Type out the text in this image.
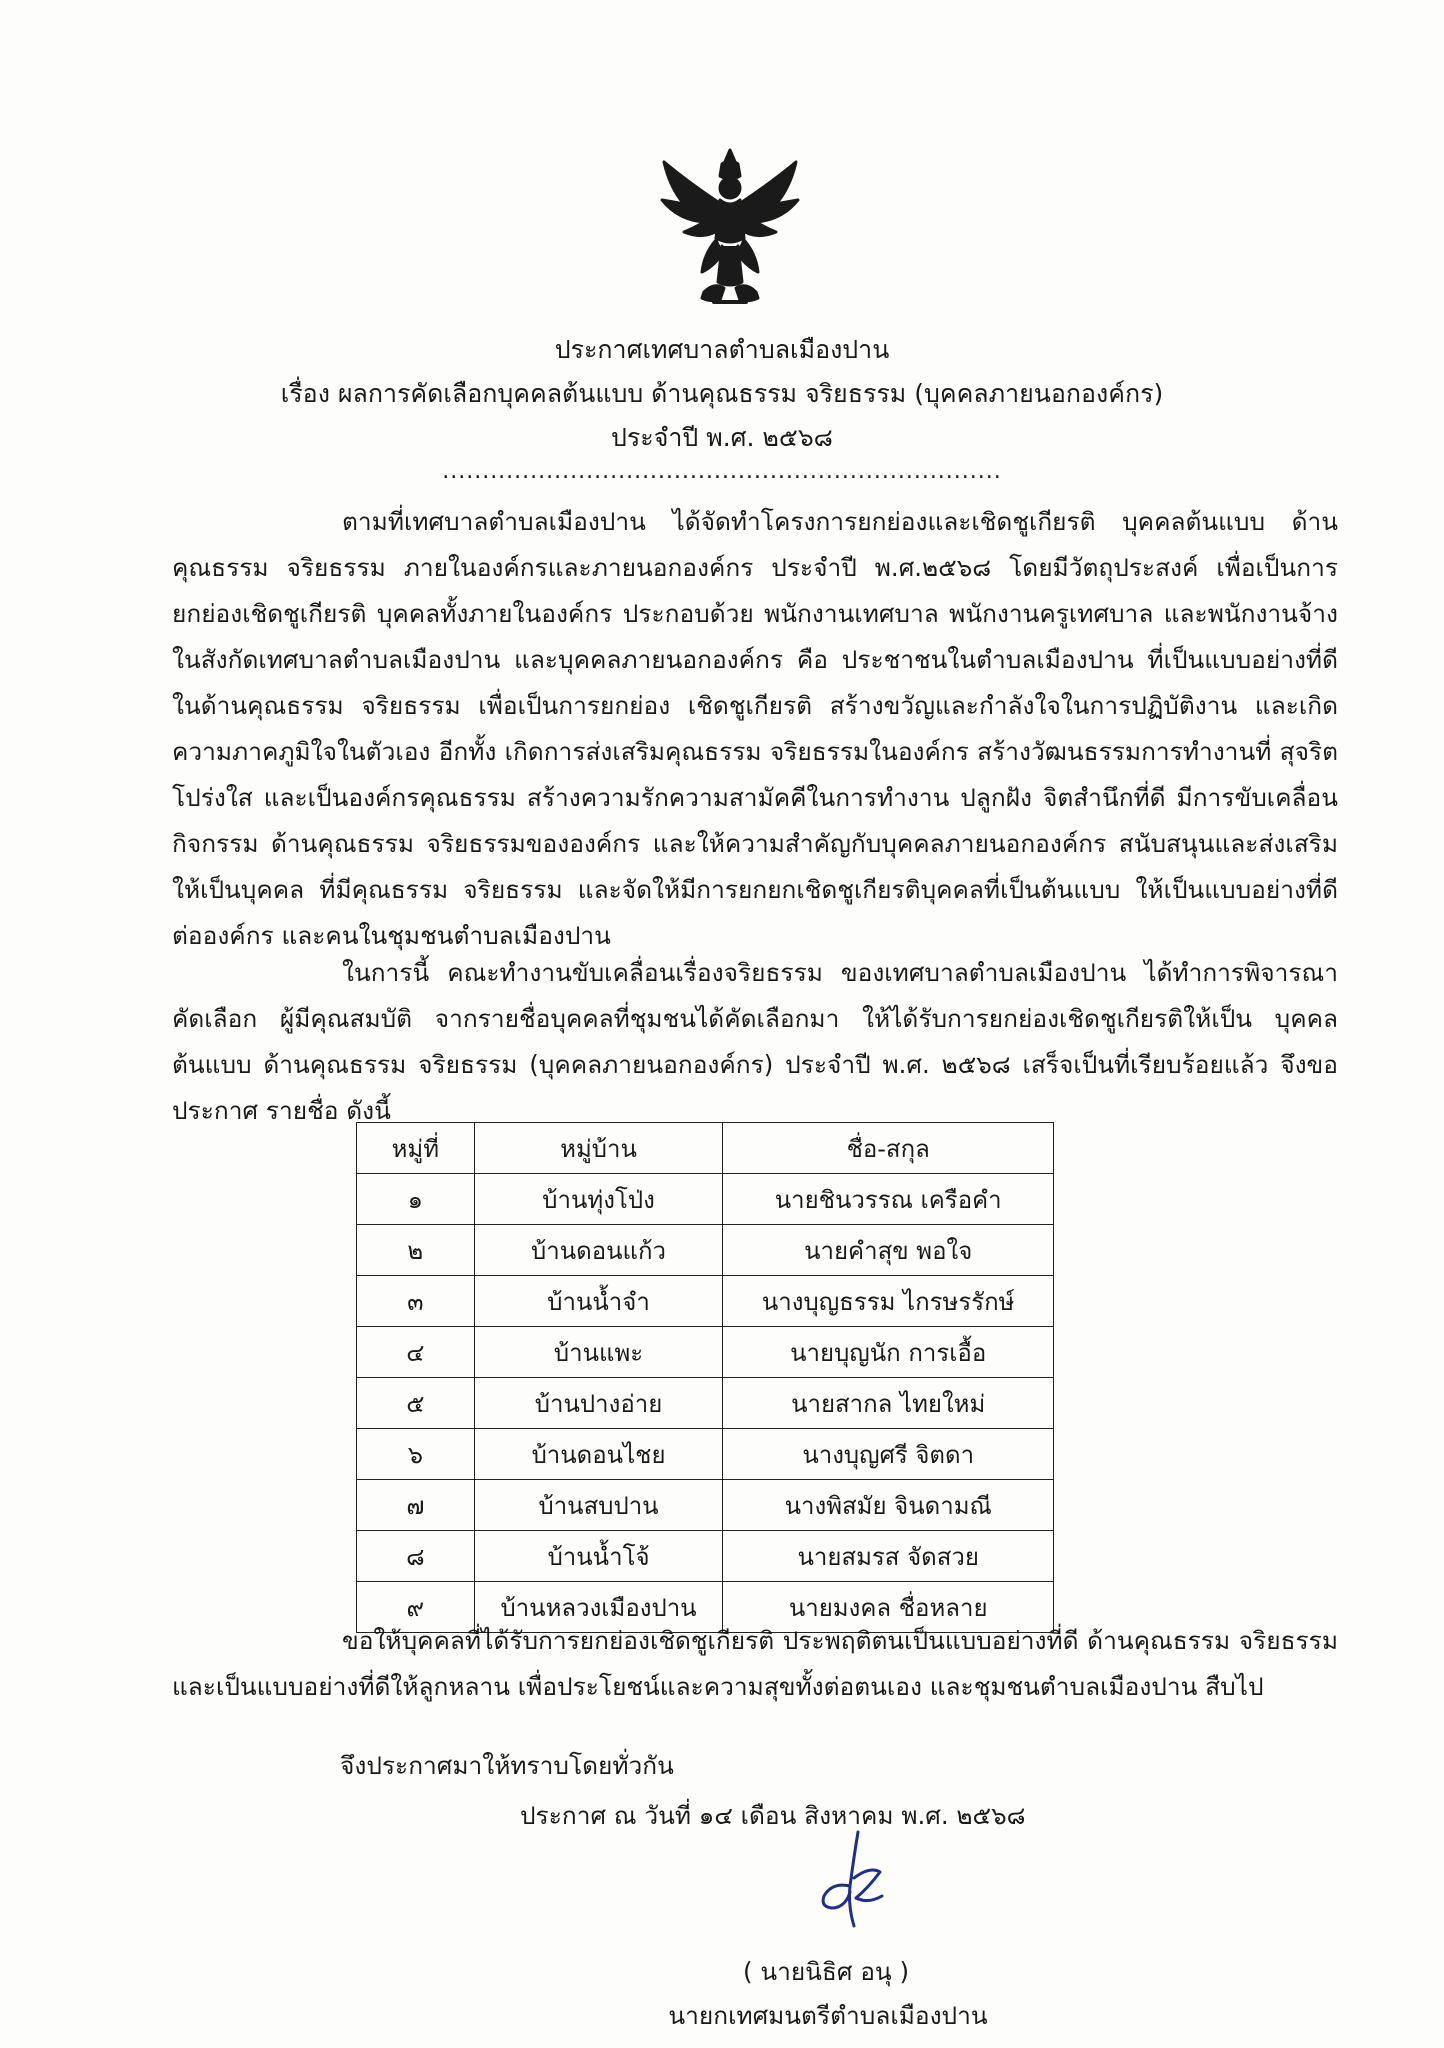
ประกาศเทศบาลตำบลเมืองปาน
เรื่อง ผลการคัดเลือกบุคคลต้นแบบ ด้านคุณธรรม จริยธรรม (บุคคลภายนอกองค์กร)
ประจำปี พ.ศ. ๒๕๖๘
......................................................................
ตามที่เทศบาลตำบลเมืองปาน ได้จัดทำโครงการยกย่องและเชิดชูเกียรติ บุคคลต้นแบบ ด้านคุณธรรม จริยธรรม ภายในองค์กรและภายนอกองค์กร ประจำปี พ.ศ.๒๕๖๘ โดยมีวัตถุประสงค์ เพื่อเป็นการยกย่องเชิดชูเกียรติ บุคคลทั้งภายในองค์กร ประกอบด้วย พนักงานเทศบาล พนักงานครูเทศบาล และพนักงานจ้าง ในสังกัดเทศบาลตำบลเมืองปาน และบุคคลภายนอกองค์กร คือ ประชาชนในตำบลเมืองปาน ที่เป็นแบบอย่างที่ดี ในด้านคุณธรรม จริยธรรม เพื่อเป็นการยกย่อง เชิดชูเกียรติ สร้างขวัญและกำลังใจในการปฏิบัติงาน และเกิดความภาคภูมิใจในตัวเอง อีกทั้ง เกิดการส่งเสริมคุณธรรม จริยธรรมในองค์กร สร้างวัฒนธรรมการทำงานที่ สุจริต โปร่งใส และเป็นองค์กรคุณธรรม สร้างความรักความสามัคคีในการทำงาน ปลูกฝัง จิตสำนึกที่ดี มีการขับเคลื่อนกิจกรรม ด้านคุณธรรม จริยธรรมขององค์กร และให้ความสำคัญกับบุคคลภายนอกองค์กร สนับสนุนและส่งเสริมให้เป็นบุคคล ที่มีคุณธรรม จริยธรรม และจัดให้มีการยกยกเชิดชูเกียรติบุคคลที่เป็นต้นแบบ ให้เป็นแบบอย่างที่ดีต่อองค์กร และคนในชุมชนตำบลเมืองปาน
ในการนี้ คณะทำงานขับเคลื่อนเรื่องจริยธรรม ของเทศบาลตำบลเมืองปาน ได้ทำการพิจารณา คัดเลือก ผู้มีคุณสมบัติ จากรายชื่อบุคคลที่ชุมชนได้คัดเลือกมา ให้ได้รับการยกย่องเชิดชูเกียรติให้เป็น บุคคลต้นแบบ ด้านคุณธรรม จริยธรรม (บุคคลภายนอกองค์กร) ประจำปี พ.ศ. ๒๕๖๘ เสร็จเป็นที่เรียบร้อยแล้ว จึงขอประกาศ รายชื่อ ดังนี้
หมู่ที่	หมู่บ้าน	ชื่อ-สกุล
๑	บ้านทุ่งโป่ง	นายชินวรรณ เครือคำ
๒	บ้านดอนแก้ว	นายคำสุข พอใจ
๓	บ้านน้ำจำ	นางบุญธรรม ไกรษรรักษ์
๔	บ้านแพะ	นายบุญนัก การเอื้อ
๕	บ้านปางอ่าย	นายสากล ไทยใหม่
๖	บ้านดอนไชย	นางบุญศรี จิตดา
๗	บ้านสบปาน	นางพิสมัย จินดามณี
๘	บ้านน้ำโจ้	นายสมรส จัดสวย
๙	บ้านหลวงเมืองปาน	นายมงคล ชื่อหลาย
ขอให้บุคคลที่ได้รับการยกย่องเชิดชูเกียรติ ประพฤติตนเป็นแบบอย่างที่ดี ด้านคุณธรรม จริยธรรม และเป็นแบบอย่างที่ดีให้ลูกหลาน เพื่อประโยชน์และความสุขทั้งต่อตนเอง และชุมชนตำบลเมืองปาน สืบไป
จึงประกาศมาให้ทราบโดยทั่วกัน
ประกาศ ณ วันที่ ๑๔ เดือน สิงหาคม พ.ศ. ๒๕๖๘
( นายนิธิศ อนุ )
นายกเทศมนตรีตำบลเมืองปาน
